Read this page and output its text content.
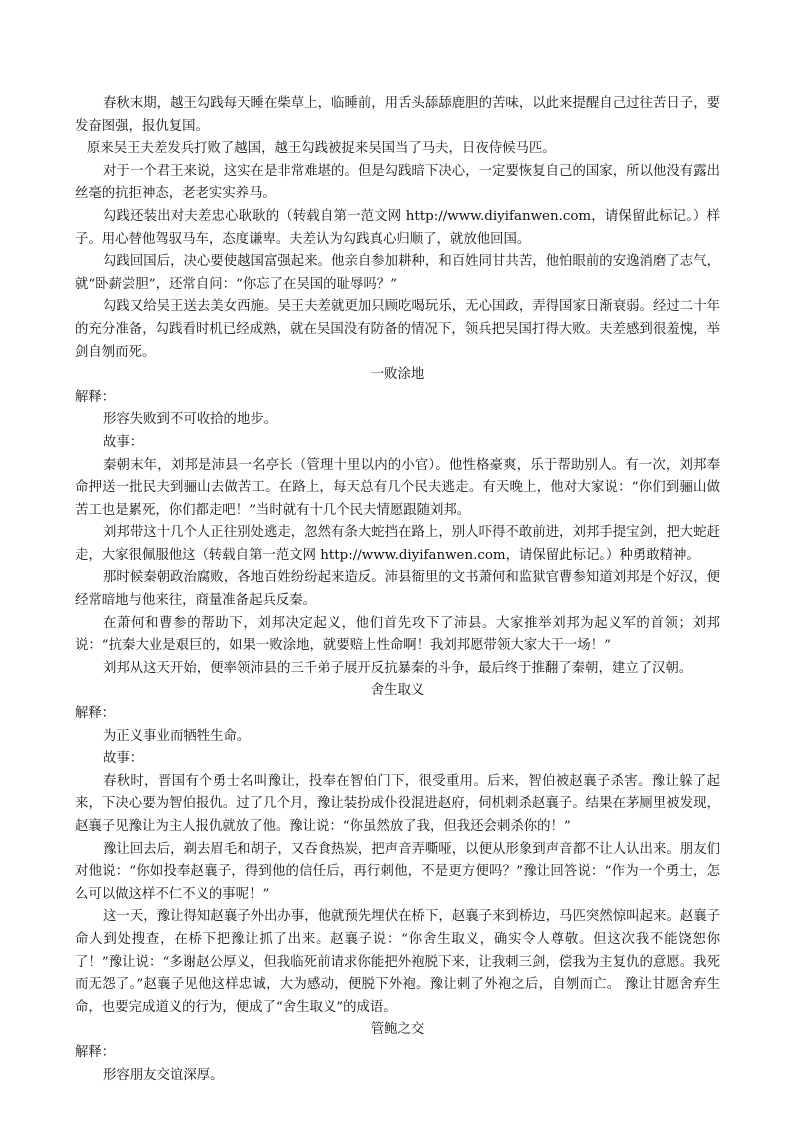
春秋末期，越王勾践每天睡在柴草上，临睡前，用舌头舔舔鹿胆的苦味，以此来提醒自己过往苦日子，要发奋图强，报仇复国。

原来吴王夫差发兵打败了越国，越王勾践被捉来吴国当了马夫，日夜侍候马匹。

对于一个君王来说，这实在是非常难堪的。但是勾践暗下决心，一定要恢复自己的国家，所以他没有露出丝毫的抗拒神态，老老实实养马。

勾践还装出对夫差忠心耿耿的（转载自第一范文网 http://www.diyifanwen.com，请保留此标记。）样子。用心替他驾驭马车，态度谦卑。夫差认为勾践真心归顺了，就放他回国。

勾践回国后，决心要使越国富强起来。他亲自参加耕种，和百姓同甘共苦，他怕眼前的安逸消磨了志气，就“卧薪尝胆”，还常自问：“你忘了在吴国的耻辱吗？”

勾践又给吴王送去美女西施。吴王夫差就更加只顾吃喝玩乐，无心国政，弄得国家日渐衰弱。经过二十年的充分准备，勾践看时机已经成熟，就在吴国没有防备的情况下，领兵把吴国打得大败。夫差感到很羞愧，举剑自刎而死。

一败涂地

解释：

形容失败到不可收拾的地步。

故事：

秦朝末年，刘邦是沛县一名亭长（管理十里以内的小官）。他性格豪爽，乐于帮助别人。有一次，刘邦奉命押送一批民夫到骊山去做苦工。在路上，每天总有几个民夫逃走。有天晚上，他对大家说：“你们到骊山做苦工也是累死，你们都走吧！”当时就有十几个民夫情愿跟随刘邦。

刘邦带这十几个人正往别处逃走，忽然有条大蛇挡在路上，别人吓得不敢前进，刘邦手提宝剑，把大蛇赶走，大家很佩服他这（转载自第一范文网 http://www.diyifanwen.com，请保留此标记。）种勇敢精神。

那时候秦朝政治腐败，各地百姓纷纷起来造反。沛县衙里的文书萧何和监狱官曹参知道刘邦是个好汉，便经常暗地与他来往，商量准备起兵反秦。

在萧何和曹参的帮助下，刘邦决定起义，他们首先攻下了沛县。大家推举刘邦为起义军的首领；刘邦说：“抗秦大业是艰巨的，如果一败涂地，就要赔上性命啊！我刘邦愿带领大家大干一场！”

刘邦从这天开始，便率领沛县的三千弟子展开反抗暴秦的斗争，最后终于推翻了秦朝，建立了汉朝。

舍生取义

解释：

为正义事业而牺牲生命。

故事：

春秋时，晋国有个勇士名叫豫让，投奉在智伯门下，很受重用。后来，智伯被赵襄子杀害。豫让躲了起来，下决心要为智伯报仇。过了几个月，豫让装扮成仆役混进赵府，伺机刺杀赵襄子。结果在茅厕里被发现，赵襄子见豫让为主人报仇就放了他。豫让说：“你虽然放了我，但我还会刺杀你的！”

豫让回去后，剃去眉毛和胡子，又吞食热炭，把声音弄嘶哑，以便从形象到声音都不让人认出来。朋友们对他说：“你如投奉赵襄子，得到他的信任后，再行刺他，不是更方便吗？”豫让回答说：“作为一个勇士，怎么可以做这样不仁不义的事呢！”

这一天，豫让得知赵襄子外出办事，他就预先埋伏在桥下，赵襄子来到桥边，马匹突然惊叫起来。赵襄子命人到处搜查，在桥下把豫让抓了出来。赵襄子说：“你舍生取义，确实令人尊敬。但这次我不能饶恕你了！”豫让说：“多谢赵公厚义，但我临死前请求你能把外袍脱下来，让我刺三剑，偿我为主复仇的意愿。我死而无怨了。”赵襄子见他这样忠诚，大为感动，便脱下外袍。豫让刺了外袍之后，自刎而亡。 豫让甘愿舍弃生命，也要完成道义的行为，便成了“舍生取义”的成语。

管鲍之交

解释：

形容朋友交谊深厚。
